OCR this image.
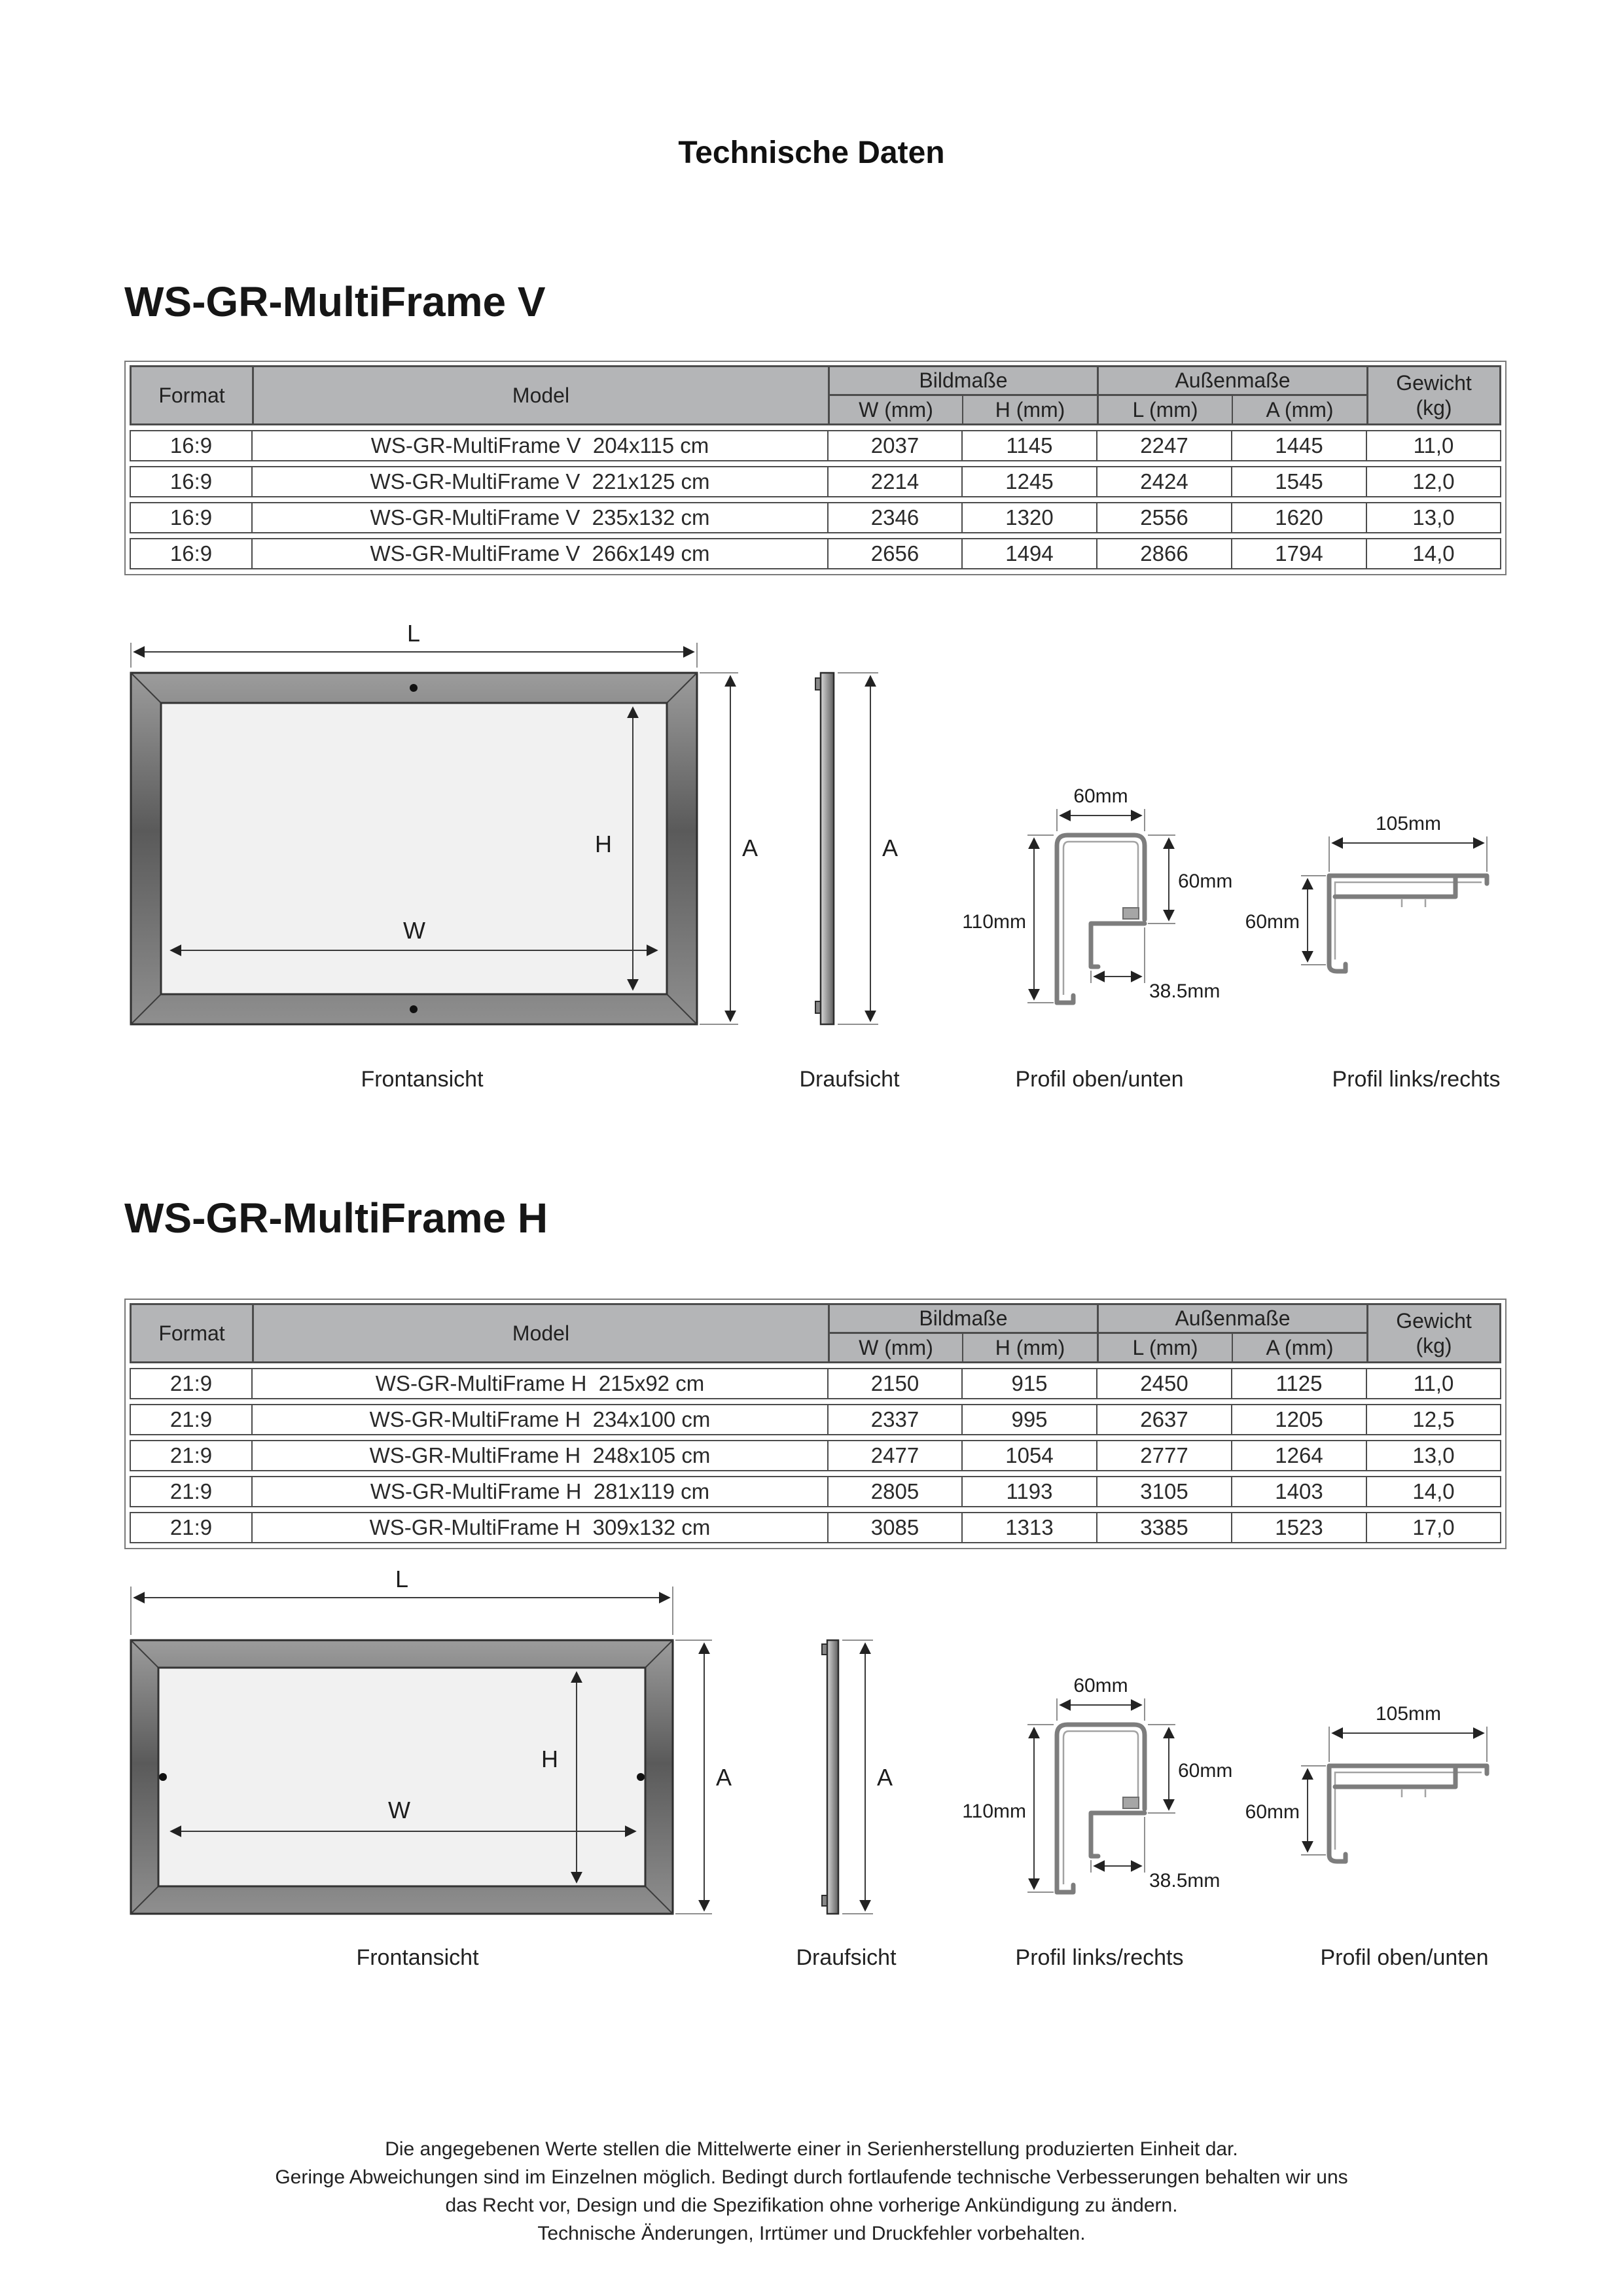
Technische Daten
WS-GR-MultiFrame V
Format	Model
Bildmaße	Außenmaße	Gewicht
(kg)
W (mm)	H (mm)	L (mm)	A (mm)
16:9	WS-GR-MultiFrame V  204x115 cm	2037	1145	2247	1445	11,0
16:9	WS-GR-MultiFrame V  221x125 cm	2214	1245	2424	1545	12,0
16:9	WS-GR-MultiFrame V  235x132 cm	2346	1320	2556	1620	13,0
16:9	WS-GR-MultiFrame V  266x149 cm	2656	1494	2866	1794	14,0
L
H
W
A	A
60mm
110mm
60mm
38.5mm
105mm
60mm
Frontansicht	Draufsicht	Profil oben/unten	Profil links/rechts
WS-GR-MultiFrame H
Format	Model
Bildmaße	Außenmaße	Gewicht
(kg)
W (mm)	H (mm)	L (mm)	A (mm)
21:9	WS-GR-MultiFrame H  215x92 cm	2150	915	2450	1125	11,0
21:9	WS-GR-MultiFrame H  234x100 cm	2337	995	2637	1205	12,5
21:9	WS-GR-MultiFrame H  248x105 cm	2477	1054	2777	1264	13,0
21:9	WS-GR-MultiFrame H  281x119 cm	2805	1193	3105	1403	14,0
21:9	WS-GR-MultiFrame H  309x132 cm	3085	1313	3385	1523	17,0
L
H
W
A	A
60mm
110mm
60mm
38.5mm
105mm
60mm
Frontansicht	Draufsicht	Profil links/rechts	Profil oben/unten
Die angegebenen Werte stellen die Mittelwerte einer in Serienherstellung produzierten Einheit dar.
Geringe Abweichungen sind im Einzelnen möglich. Bedingt durch fortlaufende technische Verbesserungen behalten wir uns
das Recht vor, Design und die Spezifikation ohne vorherige Ankündigung zu ändern.
Technische Änderungen, Irrtümer und Druckfehler vorbehalten.
